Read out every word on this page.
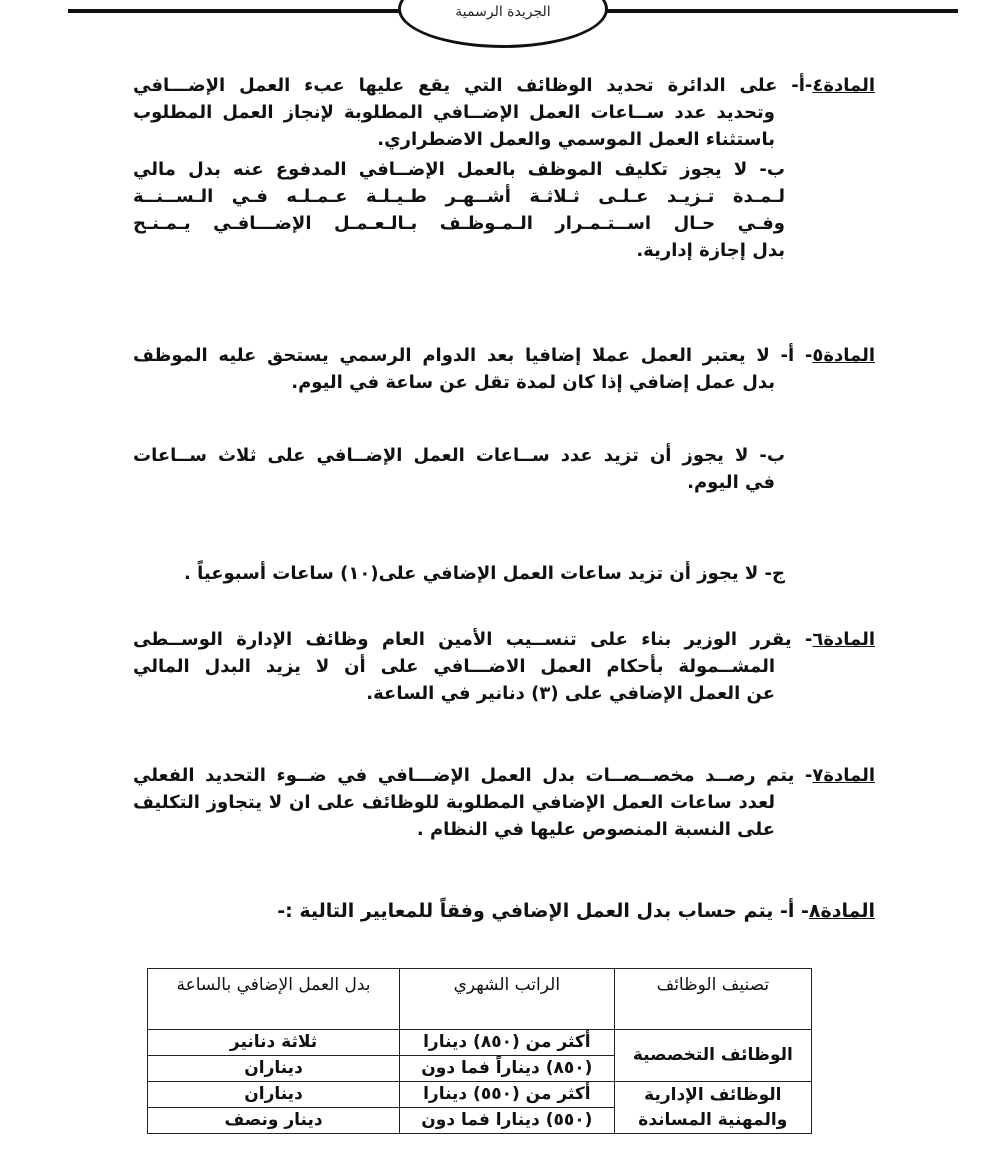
الجريدة الرسمية
المادة٤-أ- على الدائرة تحديد الوظائف التي يقع عليها عبء العمل الإضـــافي
وتحديد عدد ســاعات العمل الإضــافي المطلوبة لإنجاز العمل المطلوب
باستثناء العمل الموسمي والعمل الاضطراري.
ب- لا يجوز تكليف الموظف بالعمل الإضــافي المدفوع عنه بدل مالي
لـمـدة تـزيـد عـلـى ثـلاثـة أشــهـر طـيـلـة عـمـلـه فـي الـســنــة
وفـي حـال اســتـمـرار الـمـوظـف بـالـعـمـل الإضـــافـي يـمـنـح
بدل إجازة إدارية.
المادة٥- أ- لا يعتبر العمل عملا إضافيا بعد الدوام الرسمي يستحق عليه الموظف
بدل عمل إضافي إذا كان لمدة تقل عن ساعة في اليوم.
ب- لا يجوز أن تزيد عدد ســاعات العمل الإضــافي على ثلاث ســاعات
في اليوم.
ج- لا يجوز أن تزيد ساعات العمل الإضافي على(١٠) ساعات أسبوعياً .
المادة٦- يقرر الوزير بناء على تنســيب الأمين العام وظائف الإدارة الوســطى
المشــمولة بأحكام العمل الاضـــافي على أن لا يزيد البدل المالي
عن العمل الإضافي على (٣) دنانير في الساعة.
المادة٧- يتم رصــد مخصــصــات بدل العمل الإضـــافي في ضــوء التحديد الفعلي
لعدد ساعات العمل الإضافي المطلوبة للوظائف على ان لا يتجاوز التكليف
على النسبة المنصوص عليها في النظام .
المادة٨- أ- يتم حساب بدل العمل الإضافي وفقاً للمعايير التالية :-
تصنيف الوظائف	الراتب الشهري	بدل العمل الإضافي بالساعة
الوظائف التخصصية	أكثر من (٨٥٠) دينارا	ثلاثة دنانير
	(٨٥٠) ديناراً فما دون	ديناران
الوظائف الإدارية والمهنية المساندة	أكثر من (٥٥٠) دينارا	ديناران
	(٥٥٠) دينارا فما دون	دينار ونصف
